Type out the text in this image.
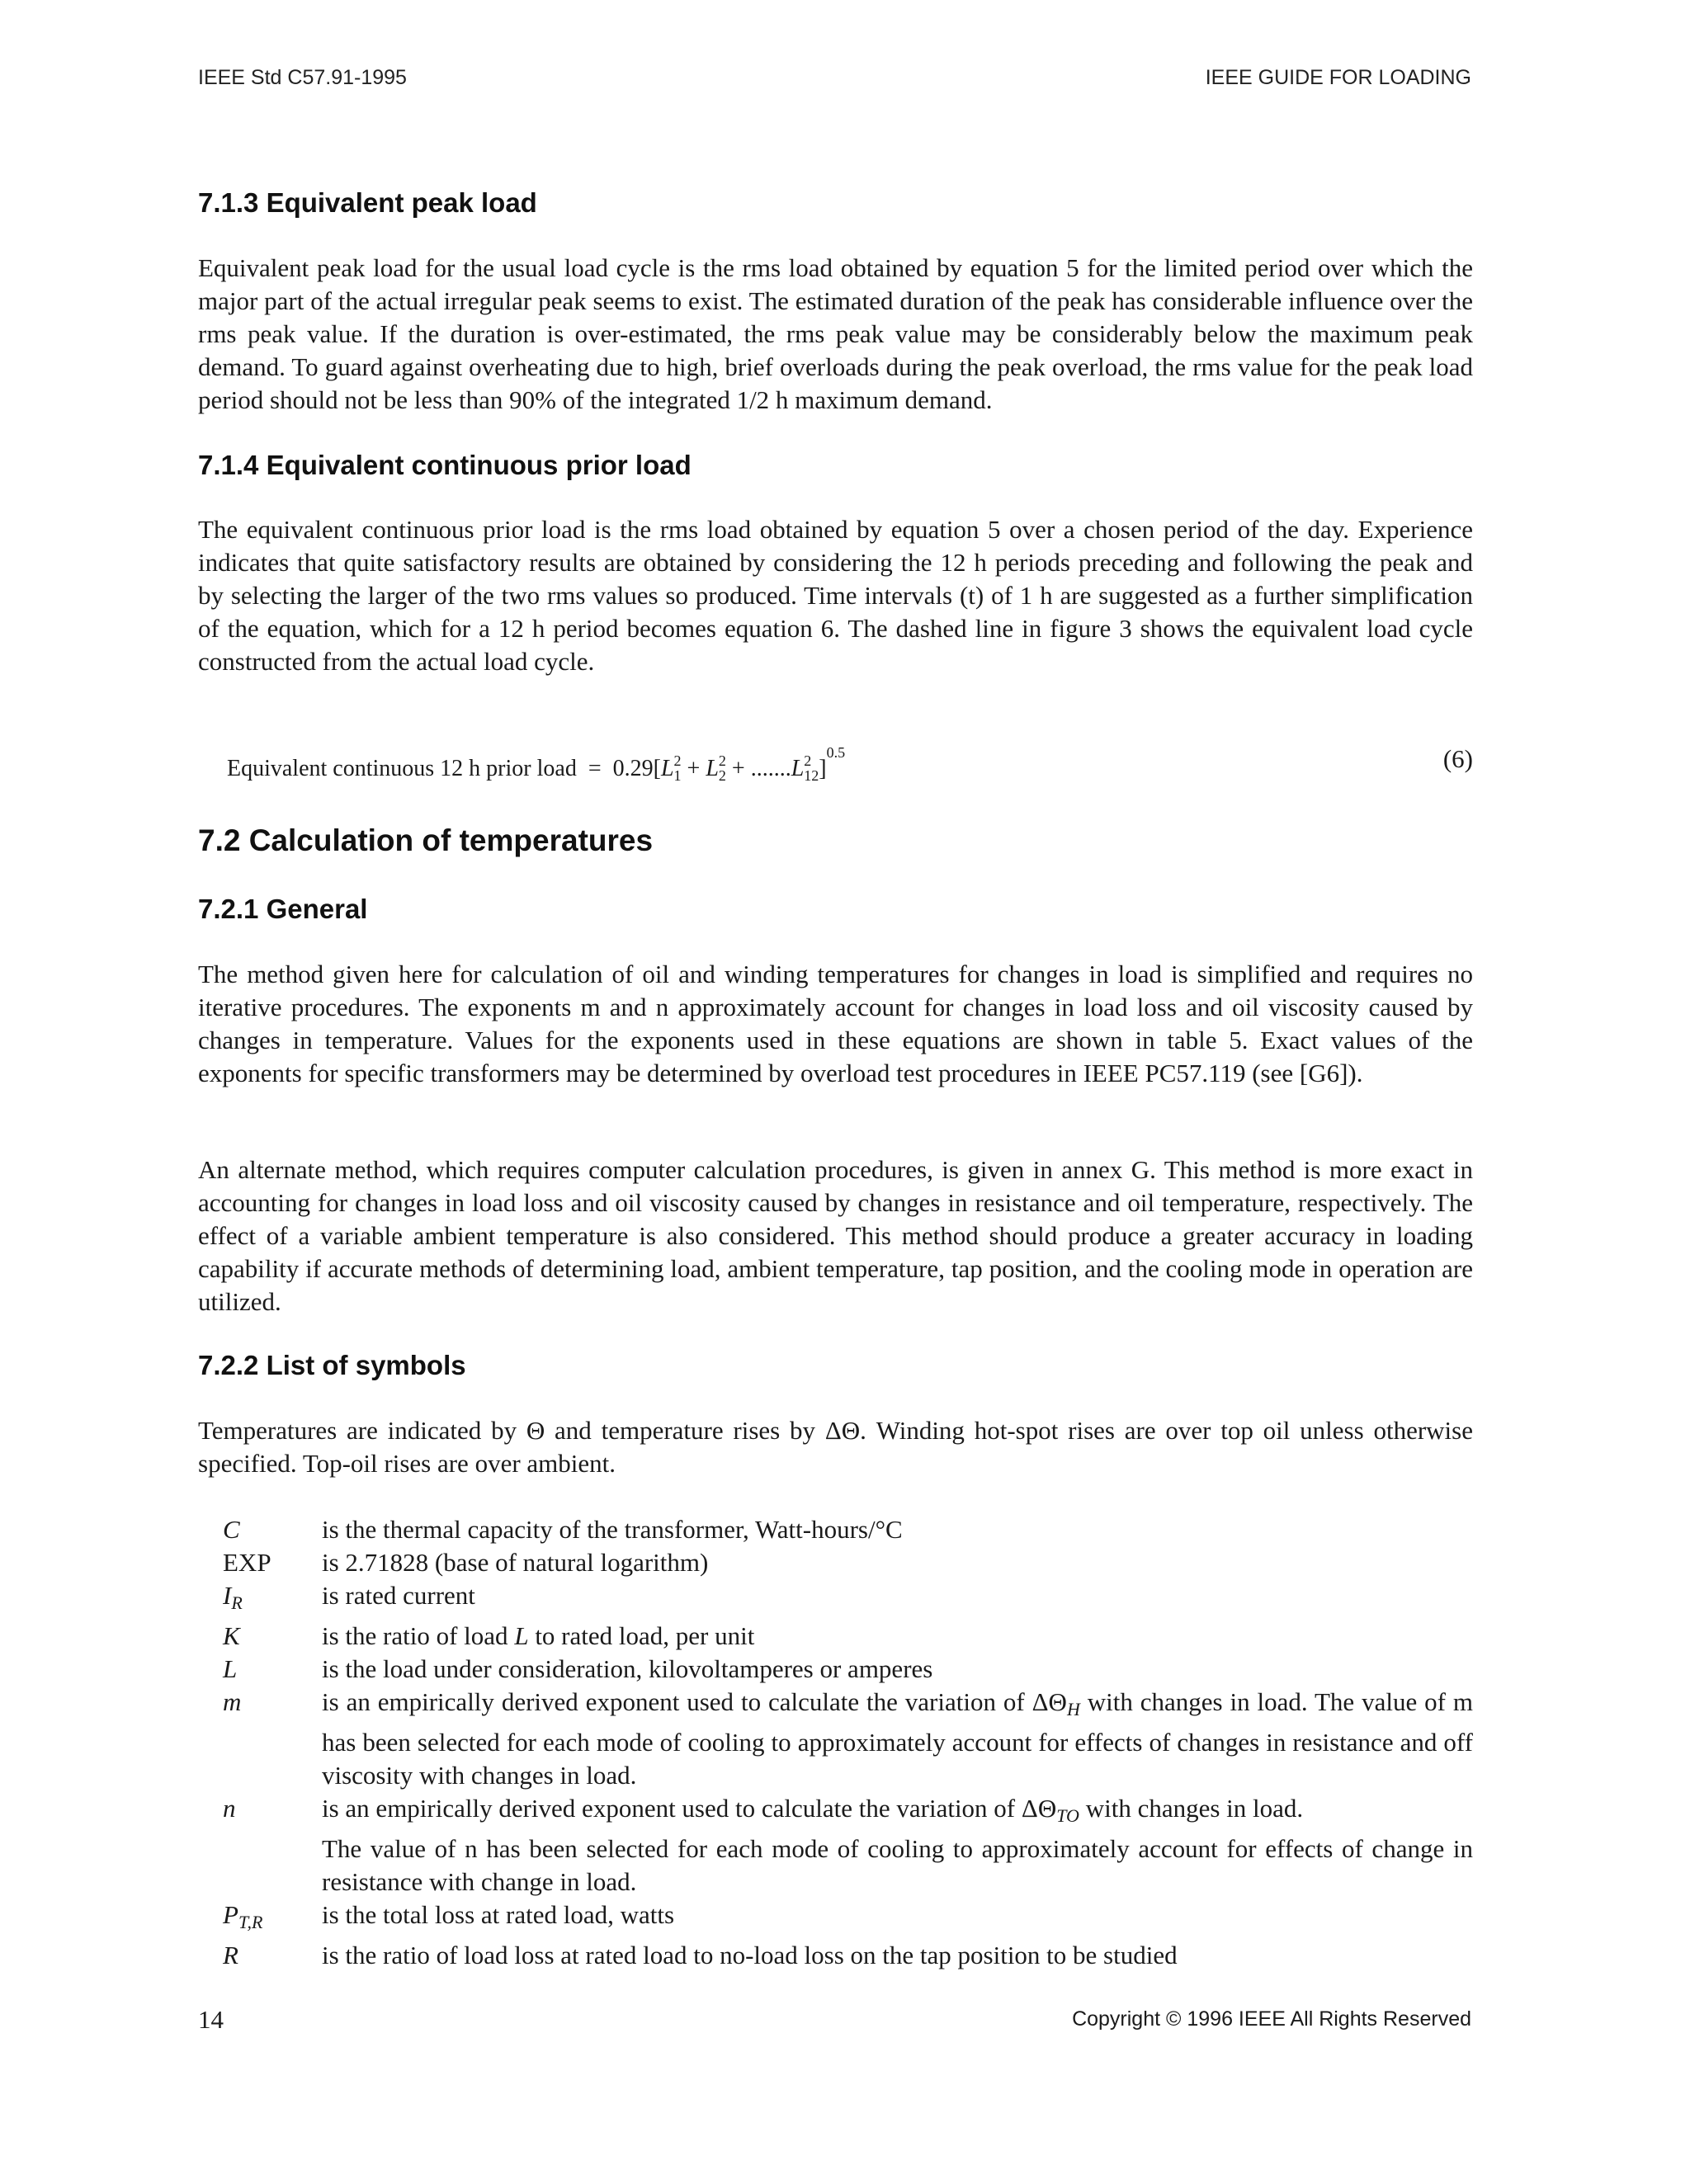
IEEE Std C57.91-1995	IEEE GUIDE FOR LOADING
7.1.3 Equivalent peak load

Equivalent peak load for the usual load cycle is the rms load obtained by equation 5 for the limited period over which the major part of the actual irregular peak seems to exist. The estimated duration of the peak has considerable influence over the rms peak value. If the duration is over-estimated, the rms peak value may be considerably below the maximum peak demand. To guard against overheating due to high, brief overloads during the peak overload, the rms value for the peak load period should not be less than 90% of the integrated 1/2 h maximum demand.

7.1.4 Equivalent continuous prior load

The equivalent continuous prior load is the rms load obtained by equation 5 over a chosen period of the day. Experience indicates that quite satisfactory results are obtained by considering the 12 h periods preceding and following the peak and by selecting the larger of the two rms values so produced. Time intervals (t) of 1 h are suggested as a further simplification of the equation, which for a 12 h period becomes equation 6. The dashed line in figure 3 shows the equivalent load cycle constructed from the actual load cycle.

Equivalent continuous 12 h prior load = 0.29[L 2
1 + L 2
2 + .......L 2
12 ]$^{0.5}$	(6)
7.2 Calculation of temperatures
7.2.1 General

The method given here for calculation of oil and winding temperatures for changes in load is simplified and requires no iterative procedures. The exponents m and n approximately account for changes in load loss and oil viscosity caused by changes in temperature. Values for the exponents used in these equations are shown in table 5. Exact values of the exponents for specific transformers may be determined by overload test procedures in IEEE PC57.119 (see [G6]).

An alternate method, which requires computer calculation procedures, is given in annex G. This method is more exact in accounting for changes in load loss and oil viscosity caused by changes in resistance and oil temperature, respectively. The effect of a variable ambient temperature is also considered. This method should produce a greater accuracy in loading capability if accurate methods of determining load, ambient temperature, tap position, and the cooling mode in operation are utilized.

7.2.2 List of symbols

Temperatures are indicated by Θ and temperature rises by ΔΘ. Winding hot-spot rises are over top oil unless otherwise specified. Top-oil rises are over ambient.

C	is the thermal capacity of the transformer, Watt-hours/°C
EXP	is 2.71828 (base of natural logarithm)
IR	is rated current
K	is the ratio of load L to rated load, per unit
L	is the load under consideration, kilovoltamperes or amperes
m	is an empirically derived exponent used to calculate the variation of ΔΘH with changes in load. The value of m has been selected for each mode of cooling to approximately account for effects of changes in resistance and off viscosity with changes in load.
n	is an empirically derived exponent used to calculate the variation of ΔΘTO with changes in load.
The value of n has been selected for each mode of cooling to approximately account for effects of change in resistance with change in load.
PT,R	is the total loss at rated load, watts
R	is the ratio of load loss at rated load to no-load loss on the tap position to be studied
14	Copyright © 1996 IEEE All Rights Reserved
